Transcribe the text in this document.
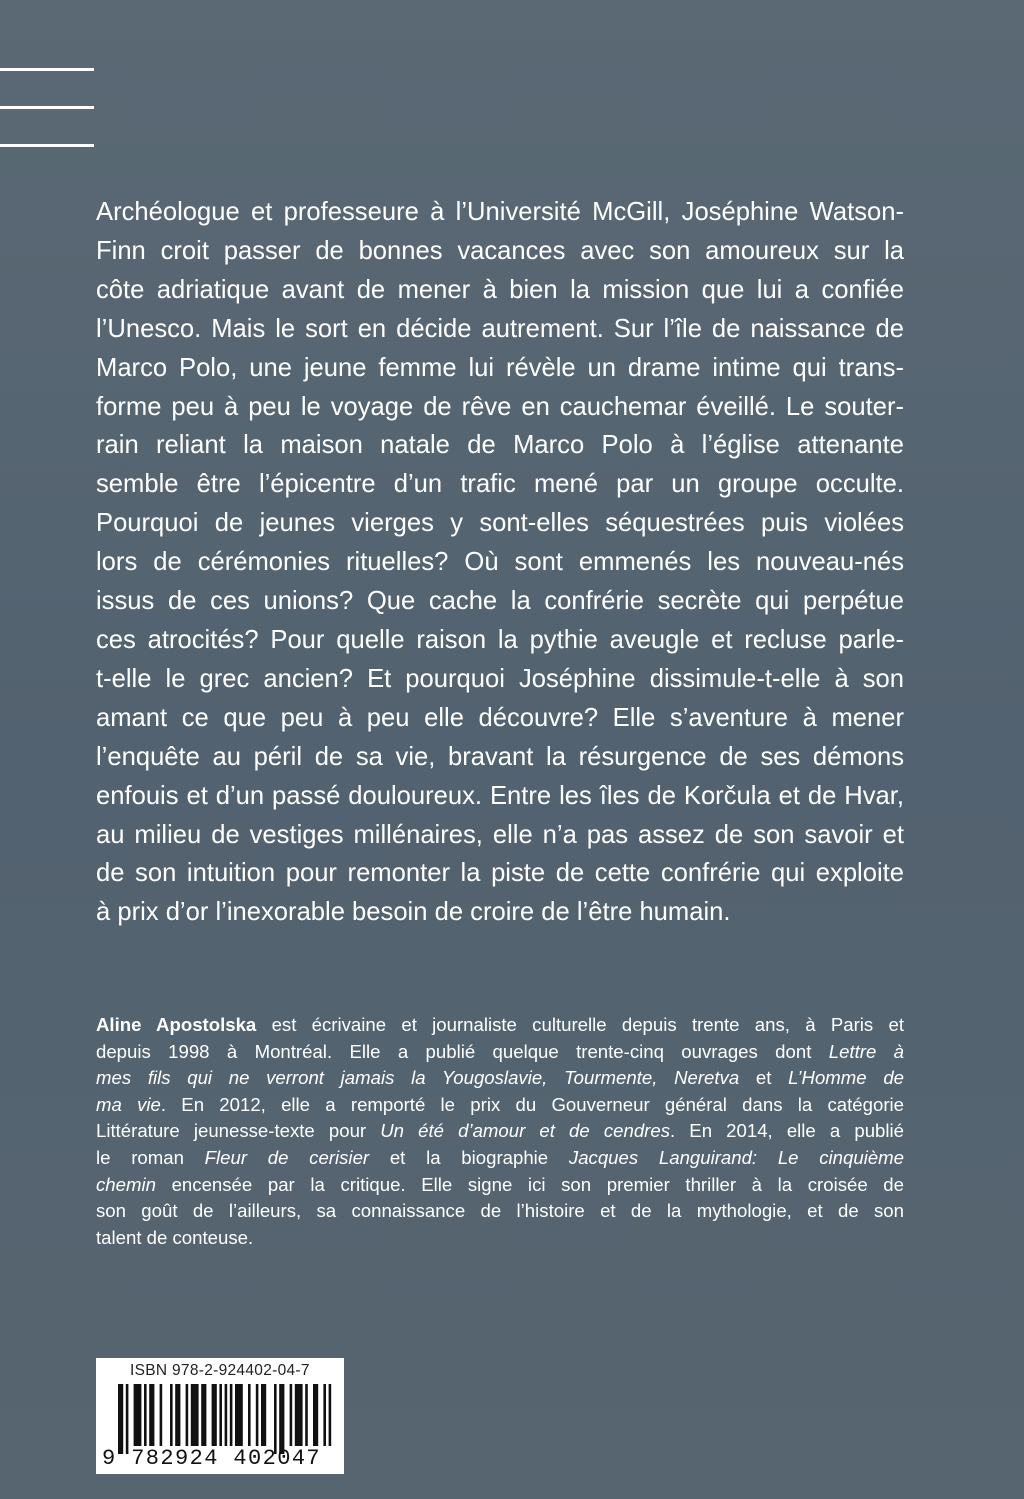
Archéologue et professeure à l’Université McGill, Joséphine Watson-
Finn croit passer de bonnes vacances avec son amoureux sur la
côte adriatique avant de mener à bien la mission que lui a confiée
l’Unesco. Mais le sort en décide autrement. Sur l’île de naissance de
Marco Polo, une jeune femme lui révèle un drame intime qui trans-
forme peu à peu le voyage de rêve en cauchemar éveillé. Le souter-
rain reliant la maison natale de Marco Polo à l’église attenante
semble être l’épicentre d’un trafic mené par un groupe occulte.
Pourquoi de jeunes vierges y sont-elles séquestrées puis violées
lors de cérémonies rituelles? Où sont emmenés les nouveau-nés
issus de ces unions? Que cache la confrérie secrète qui perpétue
ces atrocités? Pour quelle raison la pythie aveugle et recluse parle-
t-elle le grec ancien? Et pourquoi Joséphine dissimule-t-elle à son
amant ce que peu à peu elle découvre? Elle s’aventure à mener
l’enquête au péril de sa vie, bravant la résurgence de ses démons
enfouis et d’un passé douloureux. Entre les îles de Korčula et de Hvar,
au milieu de vestiges millénaires, elle n’a pas assez de son savoir et
de son intuition pour remonter la piste de cette confrérie qui exploite
à prix d’or l’inexorable besoin de croire de l’être humain.
Aline Apostolska est écrivaine et journaliste culturelle depuis trente ans, à Paris et
depuis 1998 à Montréal. Elle a publié quelque trente-cinq ouvrages dont Lettre à
mes fils qui ne verront jamais la Yougoslavie, Tourmente, Neretva et L’Homme de
ma vie. En 2012, elle a remporté le prix du Gouverneur général dans la catégorie
Littérature jeunesse-texte pour Un été d’amour et de cendres. En 2014, elle a publié
le roman Fleur de cerisier et la biographie Jacques Languirand: Le cinquième
chemin encensée par la critique. Elle signe ici son premier thriller à la croisée de
son goût de l’ailleurs, sa connaissance de l’histoire et de la mythologie, et de son
talent de conteuse.
ISBN 978-2-924402-04-7
9 782924 402047
